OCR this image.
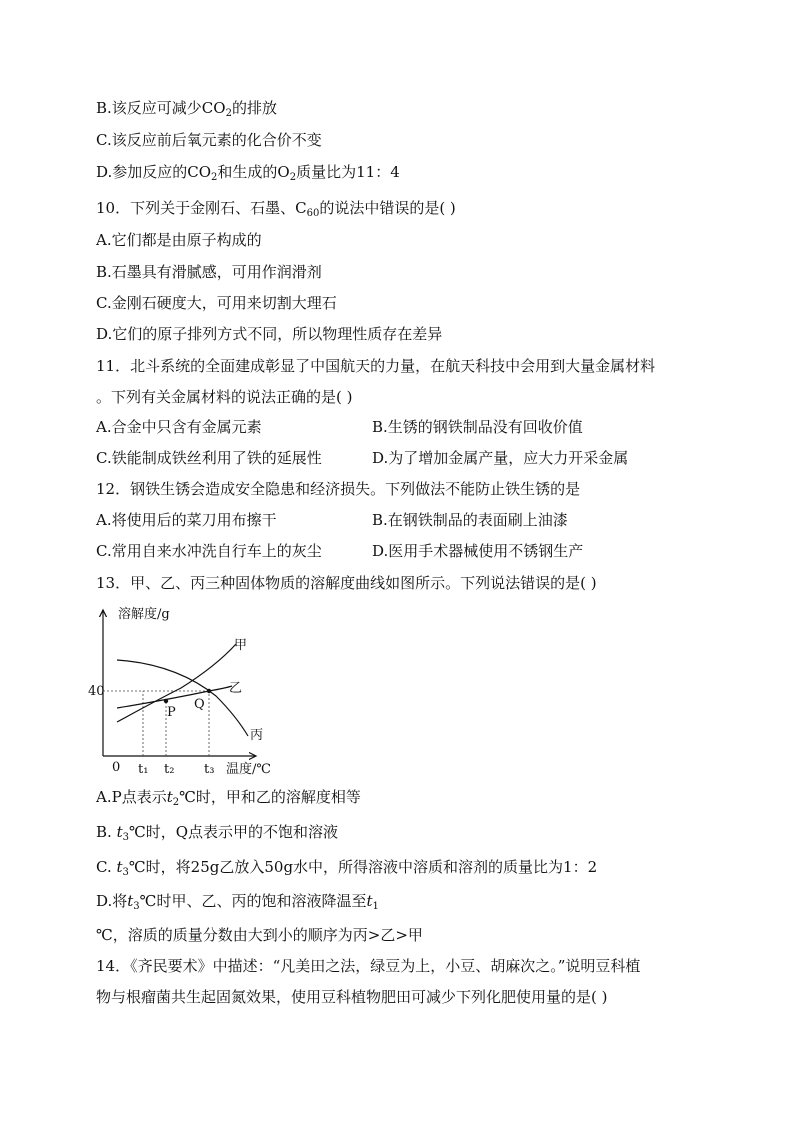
B.该反应可减少$CO_2$的排放
C.该反应前后氧元素的化合价不变
D.参加反应的$CO_2$和生成的$O_2$质量比为11：4
10．下列关于金刚石、石墨、$C_{60}$的说法中错误的是( )
A.它们都是由原子构成的
B.石墨具有滑腻感，可用作润滑剂
C.金刚石硬度大，可用来切割大理石
D.它们的原子排列方式不同，所以物理性质存在差异
11．北斗系统的全面建成彰显了中国航天的力量，在航天科技中会用到大量金属材料
。下列有关金属材料的说法正确的是( )
A.合金中只含有金属元素	B.生锈的钢铁制品没有回收价值
C.铁能制成铁丝利用了铁的延展性	D.为了增加金属产量，应大力开采金属
12．钢铁生锈会造成安全隐患和经济损失。下列做法不能防止铁生锈的是
A.将使用后的菜刀用布擦干	B.在钢铁制品的表面刷上油漆
C.常用自来水冲洗自行车上的灰尘	D.医用手术器械使用不锈钢生产
13．甲、乙、丙三种固体物质的溶解度曲线如图所示。下列说法错误的是( )
溶解度/g
温度/℃
40
0 t₁ t₂ t₃
P
Q
甲
乙
丙
A.P点表示$t_2℃$时，甲和乙的溶解度相等
B. $t_3℃$时，Q点表示甲的不饱和溶液
C. $t_3℃$时，将25g乙放入50g水中，所得溶液中溶质和溶剂的质量比为1：2
D.将$t_3℃$时甲、乙、丙的饱和溶液降温至$t_1$
℃，溶质的质量分数由大到小的顺序为丙>乙>甲
14．《齐民要术》中描述：“凡美田之法，绿豆为上，小豆、胡麻次之。”说明豆科植
物与根瘤菌共生起固氮效果，使用豆科植物肥田可减少下列化肥使用量的是( )
